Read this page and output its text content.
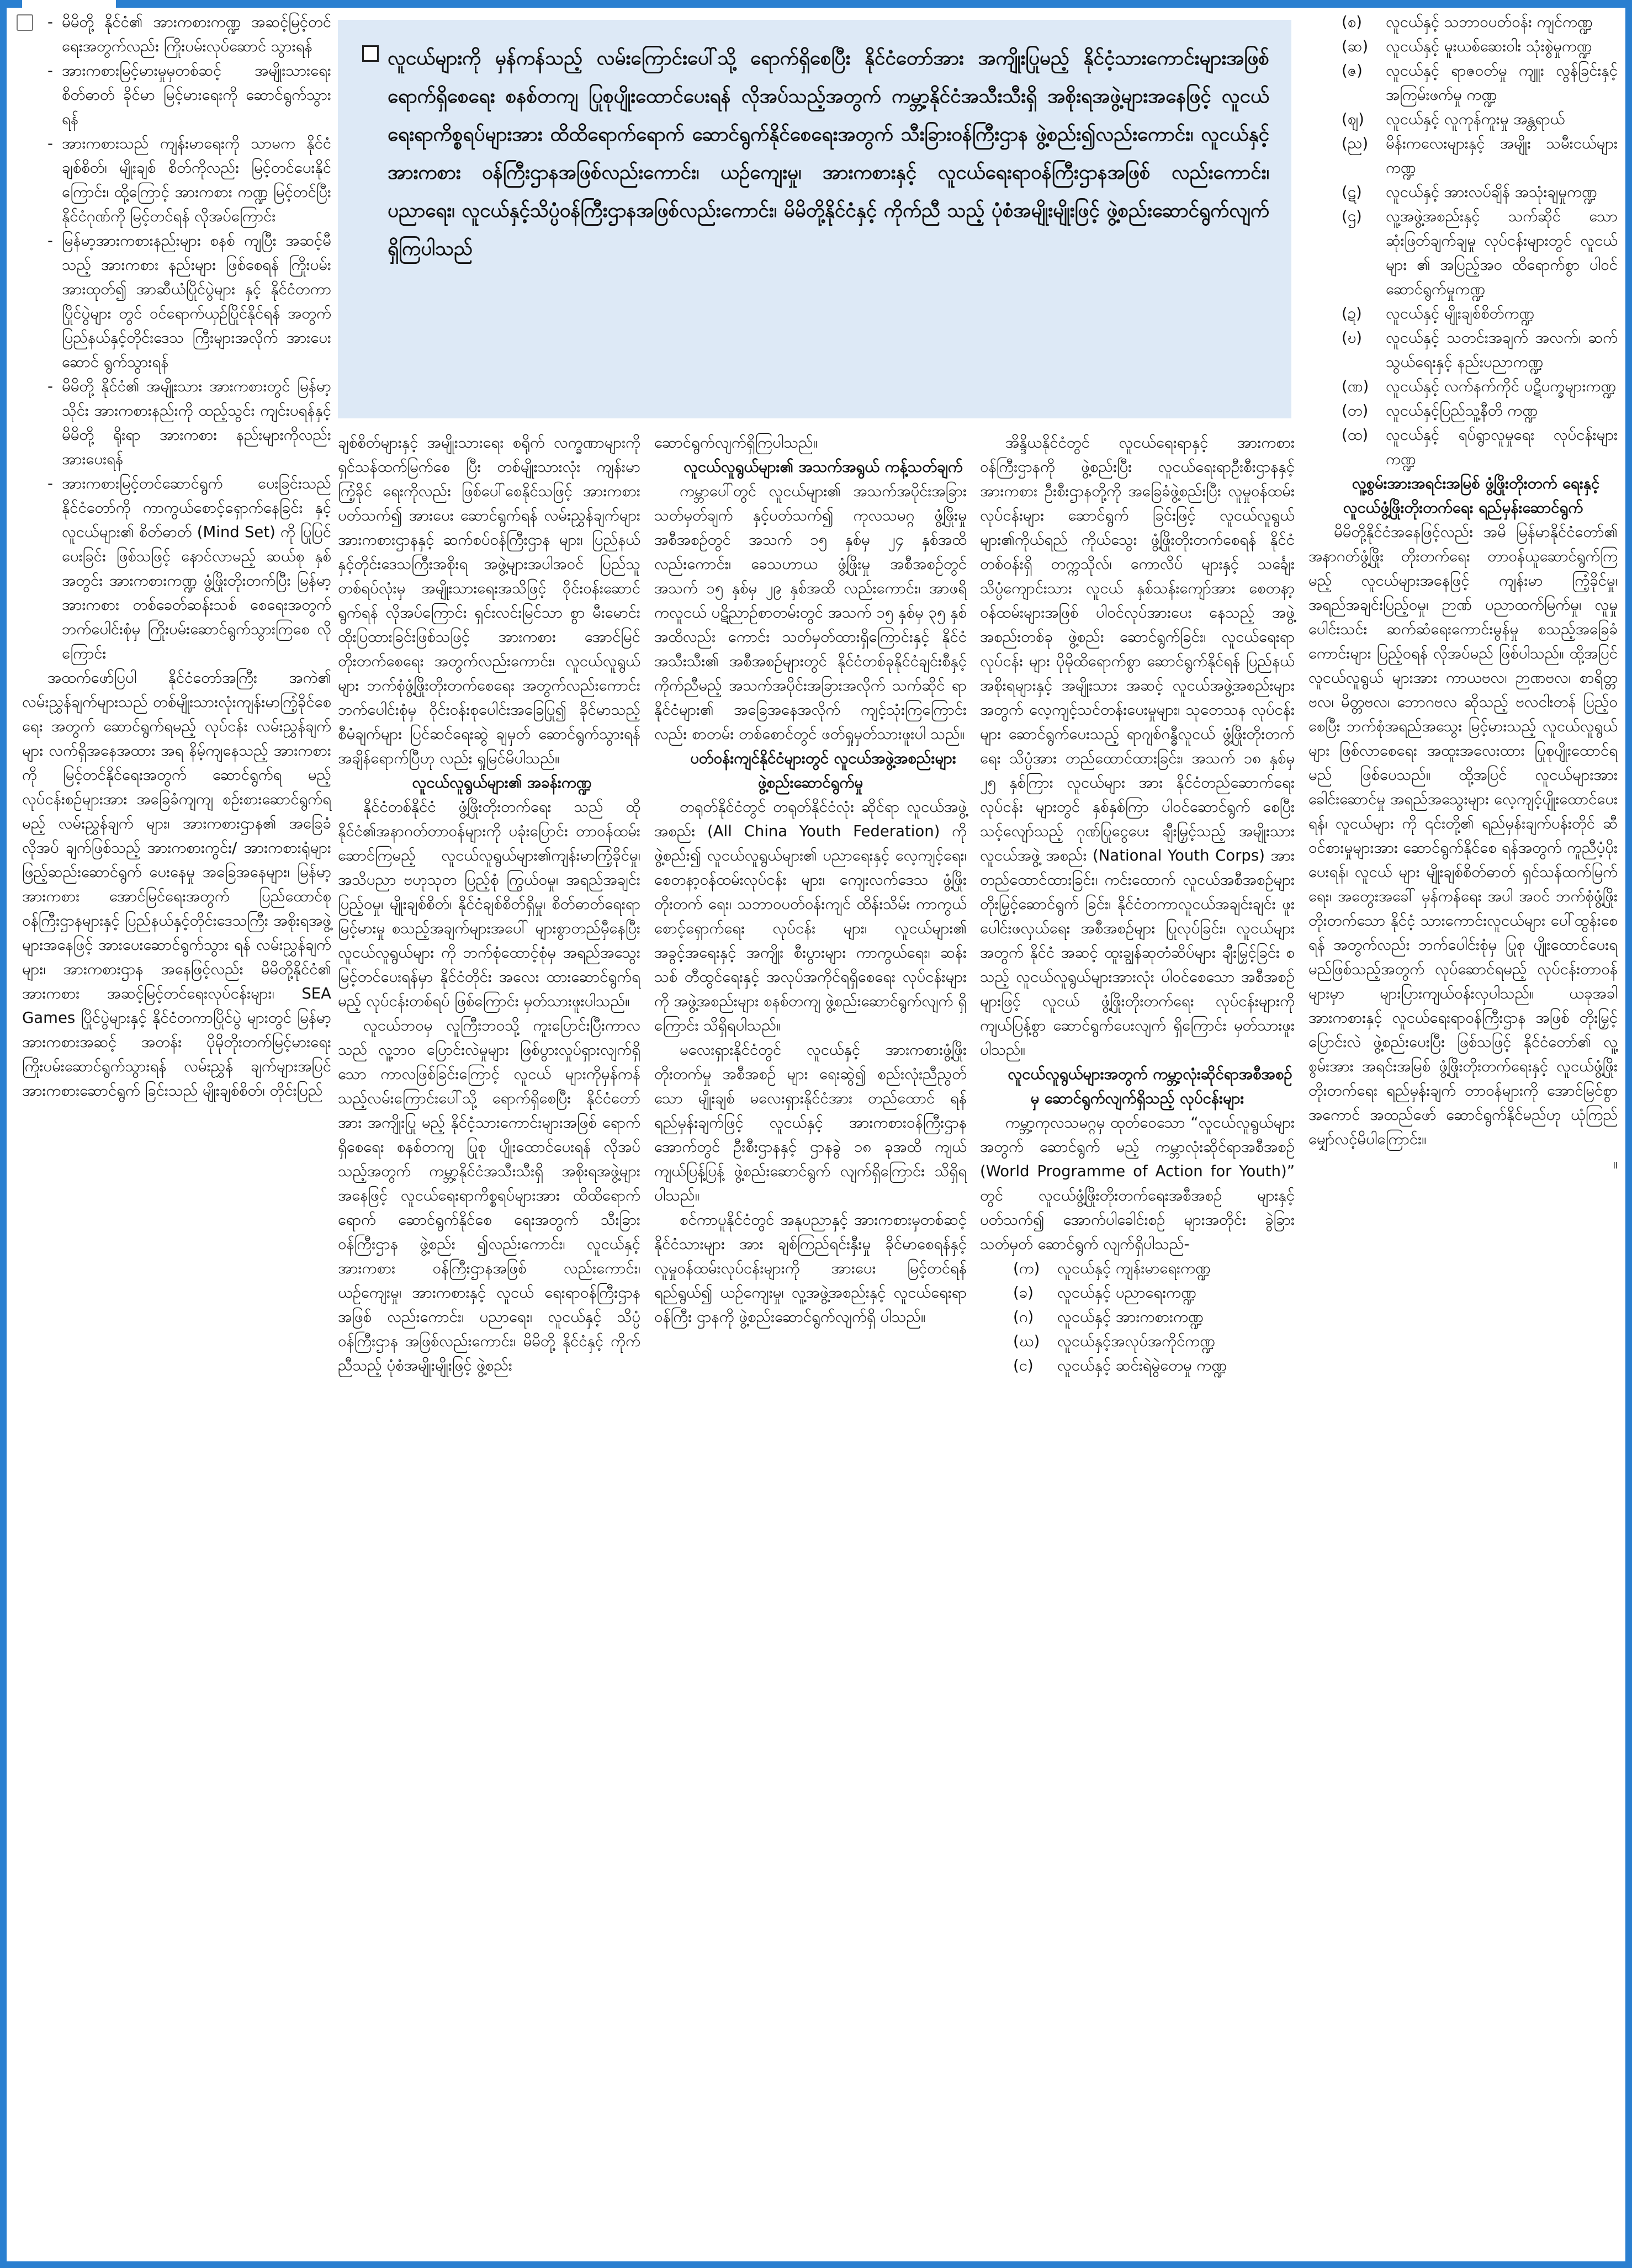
- မိမိတို့ နိုင်ငံ၏ အားကစားကဏ္ဍ အဆင့်မြင့်တင်ရေးအတွက်လည်း ကြိုးပမ်းလုပ်ဆောင် သွားရန်
- အားကစားမြင့်မားမှုမှတစ်ဆင့် အမျိုးသားရေးစိတ်ဓာတ် ခိုင်မာ မြင့်မားရေးကို ဆောင်ရွက်သွား ရန်
- အားကစားသည် ကျန်းမာရေးကို သာမက နိုင်ငံချစ်စိတ်၊ မျိုးချစ် စိတ်ကိုလည်း မြင့်တင်ပေးနိုင် ကြောင်း၊ ထို့ကြောင့် အားကစား ကဏ္ဍ မြင့်တင်ပြီး နိုင်ငံဂုဏ်ကို မြင့်တင်ရန် လိုအပ်ကြောင်း
- မြန်မာ့အားကစားနည်းများ စနစ် ကျပြီး အဆင့်မီသည့် အားကစား နည်းများ ဖြစ်စေရန် ကြိုးပမ်း အားထုတ်၍ အာဆီယံပြိုင်ပွဲများ နှင့် နိုင်ငံတကာပြိုင်ပွဲများ တွင် ဝင်ရောက်ယှဉ်ပြိုင်နိုင်ရန် အတွက် ပြည်နယ်နှင့်တိုင်းဒေသ ကြီးများအလိုက် အားပေးဆောင် ရွက်သွားရန်
- မိမိတို့ နိုင်ငံ၏ အမျိုးသား အားကစားတွင် မြန်မာ့သိုင်း အားကစားနည်းကို ထည့်သွင်း ကျင်းပရန်နှင့် မိမိတို့ ရိုးရာ အားကစား နည်းများကိုလည်း အားပေးရန်
- အားကစားမြင့်တင်ဆောင်ရွက် ပေးခြင်းသည် နိုင်ငံတော်ကို ကာကွယ်စောင့်ရှောက်နေခြင်း နှင့် လူငယ်များ၏ စိတ်ဓာတ် (Mind Set) ကို ပြုပြင်ပေးခြင်း ဖြစ်သဖြင့် နောင်လာမည့် ဆယ်စု နှစ်အတွင်း အားကစားကဏ္ဍ ဖွံ့ဖြိုးတိုးတက်ပြီး မြန်မာ့ အားကစား တစ်ခေတ်ဆန်းသစ် စေရေးအတွက် ဘက်ပေါင်းစုံမှ ကြိုးပမ်းဆောင်ရွက်သွားကြစေ လိုကြောင်း

အထက်ဖော်ပြပါ နိုင်ငံတော်အကြီး အကဲ၏ လမ်းညွှန်ချက်များသည် တစ်မျိုးသားလုံးကျန်းမာကြံ့ခိုင်စေရေး အတွက် ဆောင်ရွက်ရမည့် လုပ်ငန်း လမ်းညွှန်ချက်များ လက်ရှိအနေအထား အရ နိမ့်ကျနေသည့် အားကစားကို မြင့်တင်နိုင်ရေးအတွက် ဆောင်ရွက်ရ မည့် လုပ်ငန်းစဉ်များအား အခြေခံကျကျ စဉ်းစားဆောင်ရွက်ရမည့် လမ်းညွှန်ချက် များ၊ အားကစားဌာန၏ အခြေခံလိုအပ် ချက်ဖြစ်သည့် အားကစားကွင်း/ အားကစားရုံများ ဖြည့်ဆည်းဆောင်ရွက် ပေးနေမှု အခြေအနေများ၊ မြန်မာ့ အားကစား အောင်မြင်ရေးအတွက် ပြည်ထောင်စု ဝန်ကြီးဌာနများနှင့် ပြည်နယ်နှင့်တိုင်းဒေသကြီး အစိုးရအဖွဲ့ များအနေဖြင့် အားပေးဆောင်ရွက်သွား ရန် လမ်းညွှန်ချက်များ၊ အားကစားဌာန အနေဖြင့်လည်း မိမိတို့နိုင်ငံ၏ အားကစား အဆင့်မြင့်တင်ရေးလုပ်ငန်းများ၊ SEA Games ပြိုင်ပွဲများနှင့် နိုင်ငံတကာပြိုင်ပွဲ များတွင် မြန်မာ့အားကစားအဆင့် အတန်း ပိုမိုတိုးတက်မြင့်မားရေး ကြိုးပမ်းဆောင်ရွက်သွားရန် လမ်းညွှန် ချက်များအပြင် အားကစားဆောင်ရွက် ခြင်းသည် မျိုးချစ်စိတ်၊ တိုင်းပြည်

လူငယ်များကို မှန်ကန်သည့် လမ်းကြောင်းပေါ်သို့ ရောက်ရှိစေပြီး နိုင်ငံတော်အား အကျိုးပြုမည့် နိုင်ငံ့သားကောင်းများအဖြစ် ရောက်ရှိစေရေး စနစ်တကျ ပြုစုပျိုးထောင်ပေးရန် လိုအပ်သည့်အတွက် ကမ္ဘာ့နိုင်ငံအသီးသီးရှိ အစိုးရအဖွဲ့များအနေဖြင့် လူငယ်ရေးရာကိစ္စရပ်များအား ထိထိရောက်ရောက် ဆောင်ရွက်နိုင်စေရေးအတွက် သီးခြားဝန်ကြီးဌာန ဖွဲ့စည်း၍လည်းကောင်း၊ လူငယ်နှင့်အားကစား ဝန်ကြီးဌာနအဖြစ်လည်းကောင်း၊ ယဉ်ကျေးမှု၊ အားကစားနှင့် လူငယ်ရေးရာဝန်ကြီးဌာနအဖြစ် လည်းကောင်း၊ ပညာရေး၊ လူငယ်နှင့်သိပ္ပံဝန်ကြီးဌာနအဖြစ်လည်းကောင်း၊ မိမိတို့နိုင်ငံနှင့် ကိုက်ညီ သည့် ပုံစံအမျိုးမျိုးဖြင့် ဖွဲ့စည်းဆောင်ရွက်လျက်ရှိကြပါသည်

ချစ်စိတ်များနှင့် အမျိုးသားရေး စရိုက် လက္ခဏာများကို ရှင်သန်ထက်မြက်စေ ပြီး တစ်မျိုးသားလုံး ကျန်းမာကြံ့ခိုင် ရေးကိုလည်း ဖြစ်ပေါ်စေနိုင်သဖြင့် အားကစား ပတ်သက်၍ အားပေး ဆောင်ရွက်ရန် လမ်းညွှန်ချက်များ အားကစားဌာနနှင့် ဆက်စပ်ဝန်ကြီးဌာန များ၊ ပြည်နယ်နှင့်တိုင်းဒေသကြီးအစိုးရ အဖွဲ့များအပါအဝင် ပြည်သူတစ်ရပ်လုံးမှ အမျိုးသားရေးအသိဖြင့် ဝိုင်းဝန်းဆောင် ရွက်ရန် လိုအပ်ကြောင်း ရှင်းလင်းမြင်သာ စွာ မီးမောင်းထိုးပြထားခြင်းဖြစ်သဖြင့် အားကစား အောင်မြင်တိုးတက်စေရေး အတွက်လည်းကောင်း၊ လူငယ်လူရွယ် များ ဘက်စုံဖွံ့ဖြိုးတိုးတက်စေရေး အတွက်လည်းကောင်း ဘက်ပေါင်းစုံမှ ဝိုင်းဝန်းစုပေါင်းအခြေပြု၍ ခိုင်မာသည့် စီမံချက်များ ပြင်ဆင်ရေးဆွဲ ချမှတ် ဆောင်ရွက်သွားရန် အချိန်ရောက်ပြီဟု လည်း ရှုမြင်မိပါသည်။

လူငယ်လူရွယ်များ၏ အခန်းကဏ္ဍ

နိုင်ငံတစ်နိုင်ငံ ဖွံ့ဖြိုးတိုးတက်ရေး သည် ထိုနိုင်ငံ၏အနာဂတ်တာဝန်များကို ပခုံးပြောင်း တာဝန်ထမ်းဆောင်ကြမည့် လူငယ်လူရွယ်များ၏ကျန်းမာကြံ့ခိုင်မှု၊ အသိပညာ ဗဟုသုတ ပြည့်စုံ ကြွယ်ဝမှု၊ အရည်အချင်းပြည့်ဝမှု၊ မျိုးချစ်စိတ်၊ နိုင်ငံချစ်စိတ်ရှိမှု၊ စိတ်ဓာတ်ရေးရာ မြင့်မားမှု စသည့်အချက်များအပေါ် များစွာတည်မှီနေပြီး လူငယ်လူရွယ်များ ကို ဘက်စုံထောင့်စုံမှ အရည်အသွေး မြင့်တင်ပေးရန်မှာ နိုင်ငံတိုင်း အလေး ထားဆောင်ရွက်ရမည့် လုပ်ငန်းတစ်ရပ် ဖြစ်ကြောင်း မှတ်သားဖူးပါသည်။

လူငယ်ဘဝမှ လူကြီးဘဝသို့ ကူးပြောင်းပြီးကာလသည် လူ့ဘဝ ပြောင်းလဲမှုများ ဖြစ်ပွားလှုပ်ရှားလျက်ရှိ သော ကာလဖြစ်ခြင်းကြောင့် လူငယ် များကိုမှန်ကန်သည့်လမ်းကြောင်းပေါ်သို့ ရောက်ရှိစေပြီး နိုင်ငံတော်အား အကျိုးပြု မည့် နိုင်ငံ့သားကောင်းများအဖြစ် ရောက်ရှိစေရေး စနစ်တကျ ပြုစု ပျိုးထောင်ပေးရန် လိုအပ်သည့်အတွက် ကမ္ဘာ့နိုင်ငံအသီးသီးရှိ အစိုးရအဖွဲ့များ အနေဖြင့် လူငယ်ရေးရာကိစ္စရပ်များအား ထိထိရောက်ရောက် ဆောင်ရွက်နိုင်စေ ရေးအတွက် သီးခြားဝန်ကြီးဌာန ဖွဲ့စည်း ၍လည်းကောင်း၊ လူငယ်နှင့် အားကစား ဝန်ကြီးဌာနအဖြစ် လည်းကောင်း၊ ယဉ်ကျေးမှု၊ အားကစားနှင့် လူငယ် ရေးရာဝန်ကြီးဌာနအဖြစ် လည်းကောင်း၊ ပညာရေး၊ လူငယ်နှင့် သိပ္ပံဝန်ကြီးဌာန အဖြစ်လည်းကောင်း၊ မိမိတို့ နိုင်ငံနှင့် ကိုက်ညီသည့် ပုံစံအမျိုးမျိုးဖြင့် ဖွဲ့စည်း

ဆောင်ရွက်လျက်ရှိကြပါသည်။

လူငယ်လူရွယ်များ၏ အသက်အရွယ် ကန့်သတ်ချက်

ကမ္ဘာပေါ်တွင် လူငယ်များ၏ အသက်အပိုင်းအခြား သတ်မှတ်ချက် နှင့်ပတ်သက်၍ ကုလသမဂ္ဂ ဖွံ့ဖြိုးမှု အစီအစဉ်တွင် အသက် ၁၅ နှစ်မှ ၂၄ နှစ်အထိလည်းကောင်း၊ ခေသဟာယ ဖွံ့ဖြိုးမှု အစီအစဉ်တွင် အသက် ၁၅ နှစ်မှ ၂၉ နှစ်အထိ လည်းကောင်း၊ အာဖရိကလူငယ် ပဋိညာဉ်စာတမ်းတွင် အသက် ၁၅ နှစ်မှ ၃၅ နှစ်အထိလည်း ကောင်း သတ်မှတ်ထားရှိကြောင်းနှင့် နိုင်ငံအသီးသီး၏ အစီအစဉ်များတွင် နိုင်ငံတစ်ခုနိုင်ငံချင်းစီနှင့် ကိုက်ညီမည့် အသက်အပိုင်းအခြားအလိုက် သက်ဆိုင် ရာ နိုင်ငံများ၏ အခြေအနေအလိုက် ကျင့်သုံးကြကြောင်းလည်း စာတမ်း တစ်စောင်တွင် ဖတ်ရှုမှတ်သားဖူးပါ သည်။

ပတ်ဝန်းကျင်နိုင်ငံများတွင် လူငယ်အဖွဲ့အစည်းများ ဖွဲ့စည်းဆောင်ရွက်မှု

တရုတ်နိုင်ငံတွင် တရုတ်နိုင်ငံလုံး ဆိုင်ရာ လူငယ်အဖွဲ့အစည်း (All China Youth Federation) ကို ဖွဲ့စည်း၍ လူငယ်လူရွယ်များ၏ ပညာရေးနှင့် လေ့ကျင့်ရေး၊ စေတနာ့ဝန်ထမ်းလုပ်ငန်း များ၊ ကျေးလက်ဒေသ ဖွံ့ဖြိုးတိုးတက် ရေး၊ သဘာဝပတ်ဝန်းကျင် ထိန်းသိမ်း ကာကွယ်စောင့်ရှောက်ရေး လုပ်ငန်း များ၊ လူငယ်များ၏ အခွင့်အရေးနှင့် အကျိုး စီးပွားများ ကာကွယ်ရေး၊ ဆန်းသစ် တီထွင်ရေးနှင့် အလုပ်အကိုင်ရရှိစေရေး လုပ်ငန်းများကို အဖွဲ့အစည်းများ စနစ်တကျ ဖွဲ့စည်းဆောင်ရွက်လျက် ရှိကြောင်း သိရှိရပါသည်။

မလေးရှားနိုင်ငံတွင် လူငယ်နှင့် အားကစားဖွံ့ဖြိုးတိုးတက်မှု အစီအစဉ် များ ရေးဆွဲ၍ စည်းလုံးညီညွတ်သော မျိုးချစ် မလေးရှားနိုင်ငံအား တည်ထောင် ရန် ရည်မှန်းချက်ဖြင့် လူငယ်နှင့် အားကစားဝန်ကြီးဌာန အောက်တွင် ဦးစီးဌာနနှင့် ဌာနခွဲ ၁၈ ခုအထိ ကျယ်ကျယ်ပြန့်ပြန့် ဖွဲ့စည်းဆောင်ရွက် လျက်ရှိကြောင်း သိရှိရပါသည်။

စင်ကာပူနိုင်ငံတွင် အနုပညာနှင့် အားကစားမှတစ်ဆင့် နိုင်ငံသားများ အား ချစ်ကြည်ရင်းနှီးမှု ခိုင်မာစေရန်နှင့် လူမှုဝန်ထမ်းလုပ်ငန်းများကို အားပေး မြင့်တင်ရန် ရည်ရွယ်၍ ယဉ်ကျေးမှု၊ လူ့အဖွဲ့အစည်းနှင့် လူငယ်ရေးရာဝန်ကြီး ဌာနကို ဖွဲ့စည်းဆောင်ရွက်လျက်ရှိ ပါသည်။

အိန္ဒိယနိုင်ငံတွင် လူငယ်ရေးရာနှင့် အားကစားဝန်ကြီးဌာနကို ဖွဲ့စည်းပြီး လူငယ်ရေးရာဦးစီးဌာနနှင့် အားကစား ဦးစီးဌာနတို့ကို အခြေခံဖွဲ့စည်းပြီး လူမှုဝန်ထမ်းလုပ်ငန်းများ ဆောင်ရွက် ခြင်းဖြင့် လူငယ်လူရွယ်များ၏ကိုယ်ရည် ကိုယ်သွေး ဖွံ့ဖြိုးတိုးတက်စေရန် နိုင်ငံတစ်ဝန်းရှိ တက္ကသိုလ်၊ ကောလိပ် များနှင့် သင်္ချေးသိပ္ပံကျောင်းသား လူငယ် နှစ်သန်းကျော်အား စေတနာ့ ဝန်ထမ်းများအဖြစ် ပါဝင်လုပ်အားပေး နေသည့် အဖွဲ့အစည်းတစ်ခု ဖွဲ့စည်း ဆောင်ရွက်ခြင်း၊ လူငယ်ရေးရာလုပ်ငန်း များ ပိုမိုထိရောက်စွာ ဆောင်ရွက်နိုင်ရန် ပြည်နယ်အစိုးရများနှင့် အမျိုးသား အဆင့် လူငယ်အဖွဲ့အစည်းများအတွက် လေ့ကျင့်သင်တန်းပေးမှုများ၊ သုတေသန လုပ်ငန်းများ ဆောင်ရွက်ပေးသည့် ရာဂျစ်ဂန္ဓီလူငယ် ဖွံ့ဖြိုးတိုးတက်ရေး သိပ္ပံအား တည်ထောင်ထားခြင်း၊ အသက် ၁၈ နှစ်မှ ၂၅ နှစ်ကြား လူငယ်များ အား နိုင်ငံတည်ဆောက်ရေးလုပ်ငန်း များတွင် နှစ်နှစ်ကြာ ပါဝင်ဆောင်ရွက် စေပြီး သင့်လျော်သည့် ဂုဏ်ပြုငွေပေး ချီးမြှင့်သည့် အမျိုးသားလူငယ်အဖွဲ့ အစည်း (National Youth Corps) အား တည်ထောင်ထားခြင်း၊ ကင်းထောက် လူငယ်အစီအစဉ်များ တိုးမြှင့်ဆောင်ရွက် ခြင်း၊ နိုင်ငံတကာလူငယ်အချင်းချင်း ဖူးပေါင်းဖလှယ်ရေး အစီအစဉ်များ ပြုလုပ်ခြင်း၊ လူငယ်များအတွက် နိုင်ငံ အဆင့် ထူးချွန်ဆုတံဆိပ်များ ချီးမြှင့်ခြင်း စသည့် လူငယ်လူရွယ်များအားလုံး ပါဝင်စေသော အစီအစဉ်များဖြင့် လူငယ် ဖွံ့ဖြိုးတိုးတက်ရေး လုပ်ငန်းများကို ကျယ်ပြန့်စွာ ဆောင်ရွက်ပေးလျက် ရှိကြောင်း မှတ်သားဖူးပါသည်။

လူငယ်လူရွယ်များအတွက် ကမ္ဘာ့လုံးဆိုင်ရာအစီအစဉ်မှ ဆောင်ရွက်လျက်ရှိသည့် လုပ်ငန်းများ

ကမ္ဘာ့ကုလသမဂ္ဂမှ ထုတ်ဝေသော “လူငယ်လူရွယ်များအတွက် ဆောင်ရွက် မည့် ကမ္ဘာလုံးဆိုင်ရာအစီအစဉ် (World Programme of Action for Youth)” တွင် လူငယ်ဖွံ့ဖြိုးတိုးတက်ရေးအစီအစဉ် များနှင့် ပတ်သက်၍ အောက်ပါခေါင်းစဉ် များအတိုင်း ခွဲခြားသတ်မှတ် ဆောင်ရွက် လျက်ရှိပါသည်-

(က) လူငယ်နှင့် ကျန်းမာရေးကဏ္ဍ
(ခ) လူငယ်နှင့် ပညာရေးကဏ္ဍ
(ဂ) လူငယ်နှင့် အားကစားကဏ္ဍ
(ဃ) လူငယ်နှင့်အလုပ်အကိုင်ကဏ္ဍ
(င) လူငယ်နှင့် ဆင်းရဲမွဲတေမှု ကဏ္ဍ
(စ) လူငယ်နှင့် သဘာဝပတ်ဝန်း ကျင်ကဏ္ဍ
(ဆ) လူငယ်နှင့် မူးယစ်ဆေးဝါး သုံးစွဲမှုကဏ္ဍ
(ဇ) လူငယ်နှင့် ရာဇဝတ်မှု ကျူး လွန်ခြင်းနှင့် အကြမ်းဖက်မှု ကဏ္ဍ
(ဈ) လူငယ်နှင့် လူကုန်ကူးမှု အန္တရာယ်
(ည) မိန်းကလေးများနှင့် အမျိုး သမီးငယ်များကဏ္ဍ
(ဋ) လူငယ်နှင့် အားလပ်ချိန် အသုံးချမှုကဏ္ဍ
(ဌ) လူ့အဖွဲ့အစည်းနှင့် သက်ဆိုင် သော ဆုံးဖြတ်ချက်ချမှု လုပ်ငန်းများတွင် လူငယ်များ ၏ အပြည့်အဝ ထိရောက်စွာ ပါဝင်ဆောင်ရွက်မှုကဏ္ဍ
(ဍ) လူငယ်နှင့် မျိုးချစ်စိတ်ကဏ္ဍ
(ဎ) လူငယ်နှင့် သတင်းအချက် အလက်၊ ဆက်သွယ်ရေးနှင့် နည်းပညာကဏ္ဍ
(ဏ) လူငယ်နှင့် လက်နက်ကိုင် ပဋိပက္ခများကဏ္ဍ
(တ) လူငယ်နှင့်ပြည်သူ့နီတိ ကဏ္ဍ
(ထ) လူငယ်နှင့် ရပ်ရွာလူမှုရေး လုပ်ငန်းများကဏ္ဍ

လူ့စွမ်းအားအရင်းအမြစ် ဖွံ့ဖြိုးတိုးတက် ရေးနှင့် လူငယ်ဖွံ့ဖြိုးတိုးတက်ရေး ရည်မှန်းဆောင်ရွက်

မိမိတို့နိုင်ငံအနေဖြင့်လည်း အမိ မြန်မာနိုင်ငံတော်၏ အနာဂတ်ဖွံ့ဖြိုး တိုးတက်ရေး တာဝန်ယူဆောင်ရွက်ကြ မည့် လူငယ်များအနေဖြင့် ကျန်းမာ ကြံ့ခိုင်မှု၊ အရည်အချင်းပြည့်ဝမှု၊ ဉာဏ် ပညာထက်မြက်မှု၊ လူမှုပေါင်းသင်း ဆက်ဆံရေးကောင်းမွန်မှု စသည့်အခြေခံ ကောင်းများ ပြည့်ဝရန် လိုအပ်မည် ဖြစ်ပါသည်။ ထို့အပြင် လူငယ်လူရွယ် များအား ကာယဗလ၊ ဉာဏဗလ၊ စာရိတ္တဗလ၊ မိတ္တဗလ၊ ဘောဂဗလ ဆိုသည့် ဗလငါးတန် ပြည့်ဝစေပြီး ဘက်စုံအရည်အသွေး မြင့်မားသည့် လူငယ်လူရွယ်များ ဖြစ်လာစေရေး အထူးအလေးထား ပြုစုပျိုးထောင်ရမည် ဖြစ်ပေသည်။ ထို့အပြင် လူငယ်များအား ခေါင်းဆောင်မှု အရည်အသွေးများ လေ့ကျင့်ပျိုးထောင်ပေးရန်၊ လူငယ်များ ကို ၎င်းတို့၏ ရည်မှန်းချက်ပန်းတိုင် ဆီ ဝင်စားမှုများအား ဆောင်ရွက်နိုင်စေ ရန်အတွက် ကူညီပံ့ပိုးပေးရန်၊ လူငယ် များ မျိုးချစ်စိတ်ဓာတ် ရှင်သန်ထက်မြက် ရေး၊ အတွေးအခေါ် မှန်ကန်ရေး အပါ အဝင် ဘက်စုံဖွံ့ဖြိုးတိုးတက်သော နိုင်ငံ့ သားကောင်းလူငယ်များ ပေါ်ထွန်းစေရန် အတွက်လည်း ဘက်ပေါင်းစုံမှ ပြုစု ပျိုးထောင်ပေးရမည်ဖြစ်သည့်အတွက် လုပ်ဆောင်ရမည့် လုပ်ငန်းတာဝန်များမှာ များပြားကျယ်ဝန်းလှပါသည်။ ယခုအခါ အားကစားနှင့် လူငယ်ရေးရာဝန်ကြီးဌာန အဖြစ် တိုးမြှင့်ပြောင်းလဲ ဖွဲ့စည်းပေးပြီး ဖြစ်သဖြင့် နိုင်ငံတော်၏ လူ့စွမ်းအား အရင်းအမြစ် ဖွံ့ဖြိုးတိုးတက်ရေးနှင့် လူငယ်ဖွံ့ဖြိုးတိုးတက်ရေး ရည်မှန်းချက် တာဝန်များကို အောင်မြင်စွာ အကောင် အထည်ဖော် ဆောင်ရွက်နိုင်မည်ဟု ယုံကြည်မျှော်လင့်မိပါကြောင်း။

။
